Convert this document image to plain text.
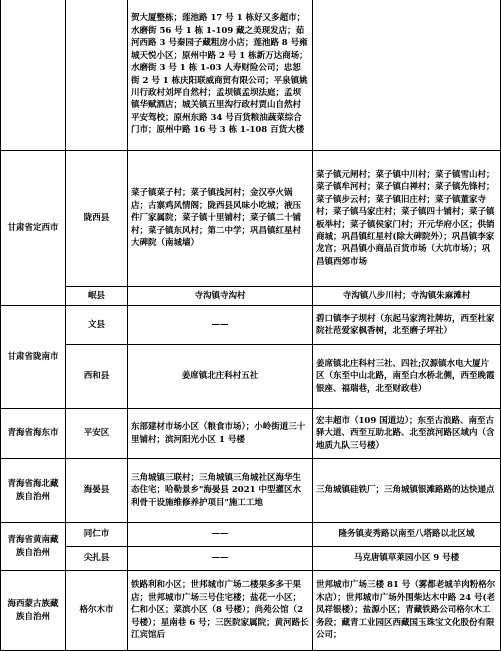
		贺大厦整栋；莲池路 17 号 1 栋好又多超市；水磨街 56 号 1 栋 1-109 藏之美现发店；茹河西路 3 号秦园子藏粗房小店；莲池路 8 号雍城天悦小区；原州中路 2 号 1 栋新万达商场；水磨街 3 号 1 栋 1-03 人寿财险公司；忠恕街 2 号 1 栋庆阳联威商贸有限公司；平泉镇姚川行政村刘坪自然村；孟坝镇孟坝法庭；孟坝镇华赋酒店；城关镇五里沟行政村贾山自然村平安驾校；原州东路 34 号百货粮油蔬菜综合门市；原州中路 16 号 3 栋 1-108 百货大楼	
甘肃省定西市	陇西县	菜子镇菜子村；菜子镇浅河村；金汉亭火锅店；古寨鸡风情阁；陇西县风味小吃城；液压件厂家属院；菜子镇十里铺村；菜子镇二十铺村；菜子镇东风村；第二中学；巩昌镇红星村大碑院（南城墙）	菜子镇元闸村；菜子镇中川村；菜子镇雪山村；菜子镇牟河村；菜子镇白禅村；菜子镇先锋村；菜子镇步云村；菜子镇旧庄村；菜子镇董家寺村；菜子镇马家庄村；菜子镇四十铺村；菜子镇板举村；菜子镇侯家门村；开元华府小区；供销商城；巩昌镇红星村(除大碑院外）；巩昌镇李家龙宫；巩昌镇小商品百货市场（大坑市场）；巩昌镇西郊市场
	岷县	寺沟镇寺沟村	寺沟镇八步川村；寺沟镇朱麻滩村
甘肃省陇南市	文县	——	碧口镇李子坝村（东起马家湾社牌坊，西至杜家院社范爱家枫香树，北至磨子坪社）
	西和县	姜席镇北庄科村五社	姜席镇北庄科村三社、四社;汉源镇水电大厦片区（东至中山北路，南至白水桥北侧，西至晚霞银座、福瑞巷，北至财政巷）
青海省海东市	平安区	东部建材市场小区（粮食市场）；小岭街道三十里铺村；滨河阳光小区 1 号楼	宏丰超市（109 国道边）；东至古浪路、南至古驿大道、西至互助北路、北至滨河路区域内（含地质九队三号楼）
青海省海北藏族自治州	海晏县	三角城镇三联村；三角城镇三角城社区海华生态住宅；哈勒景乡"海晏县 2021 中型灌区水利骨干设施维修养护项目"施工工地	三角城镇硅铁厂；三角城镇银滩路路的达快递点
青海省黄南藏族自治州	同仁市	——	隆务镇麦秀路以南至八塔路以北区域
	尖扎县	——	马克唐镇草莱园小区 9 号楼
海西蒙古族藏族自治州	格尔木市	铁路利和小区；世邦城市广场二楼果多多干果店；世邦城市广场三号住宅楼；盐花一小区；仁和小区；菜滨小区（8 号楼）；尚苑公馆（2 号楼）；星南巷 6 号；三医院家属院；黄河路长江宾馆后	世邦城市广场三楼 81 号（雾都老城羊肉粉格尔木店）；世邦城市广场外围柴达木中路 24 号(老凤祥银楼）；盐源小区；青藏铁路公司格尔木工务段；藏青工业园区西藏国玉珠宝文化股份有限公司；
